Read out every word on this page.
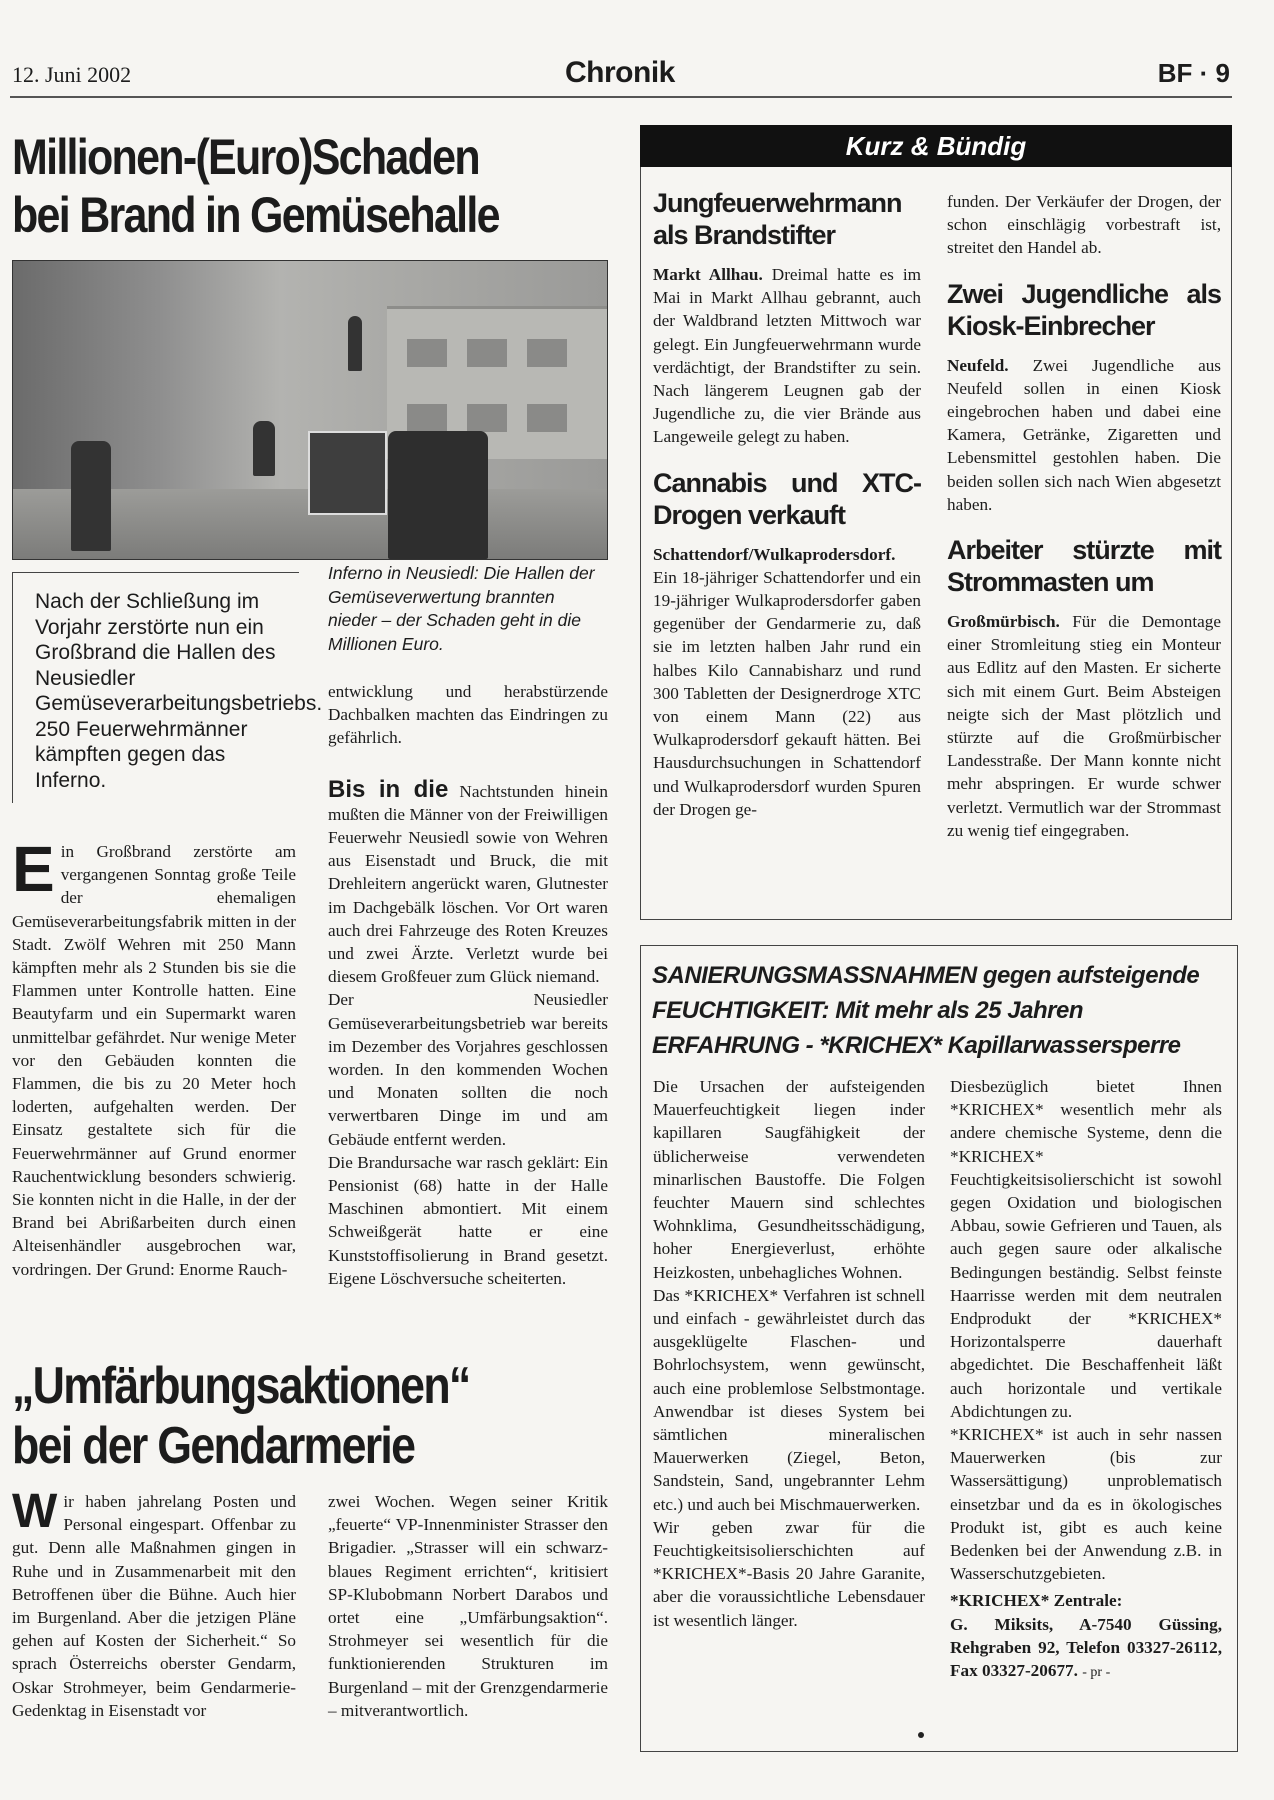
12. Juni 2002	Chronik	BF · 9
Millionen-(Euro)Schaden
bei Brand in Gemüsehalle
Inferno in Neusiedl: Die Hallen der Gemüseverwertung brannten nieder – der Schaden geht in die Millionen Euro.
Nach der Schließung im Vorjahr zerstörte nun ein Großbrand die Hallen des Neusiedler Gemüseverarbeitungsbetriebs. 250 Feuerwehrmänner kämpften gegen das Inferno.

Ein Großbrand zerstörte am vergangenen Sonntag große Teile der ehemaligen Gemüseverarbeitungsfabrik mitten in der Stadt. Zwölf Wehren mit 250 Mann kämpften mehr als 2 Stunden bis sie die Flammen unter Kontrolle hatten. Eine Beautyfarm und ein Supermarkt waren unmittelbar gefährdet. Nur wenige Meter vor den Gebäuden konnten die Flammen, die bis zu 20 Meter hoch loderten, aufgehalten werden. Der Einsatz gestaltete sich für die Feuerwehrmänner auf Grund enormer Rauchentwicklung besonders schwierig. Sie konnten nicht in die Halle, in der der Brand bei Abrißarbeiten durch einen Alteisenhändler ausgebrochen war, vordringen. Der Grund: Enorme Rauch-

entwicklung und herabstürzende Dachbalken machten das Eindringen zu gefährlich.

Bis in die Nachtstunden hinein mußten die Männer von der Freiwilligen Feuerwehr Neusiedl sowie von Wehren aus Eisenstadt und Bruck, die mit Drehleitern angerückt waren, Glutnester im Dachgebälk löschen. Vor Ort waren auch drei Fahrzeuge des Roten Kreuzes und zwei Ärzte. Verletzt wurde bei diesem Großfeuer zum Glück niemand.

Der Neusiedler Gemüseverarbeitungsbetrieb war bereits im Dezember des Vorjahres geschlossen worden. In den kommenden Wochen und Monaten sollten die noch verwertbaren Dinge im und am Gebäude entfernt werden.

Die Brandursache war rasch geklärt: Ein Pensionist (68) hatte in der Halle Maschinen abmontiert. Mit einem Schweißgerät hatte er eine Kunststoffisolierung in Brand gesetzt. Eigene Löschversuche scheiterten.

„Umfärbungsaktionen“
bei der Gendarmerie

Wir haben jahrelang Posten und Personal eingespart. Offenbar zu gut. Denn alle Maßnahmen gingen in Ruhe und in Zusammenarbeit mit den Betroffenen über die Bühne. Auch hier im Burgenland. Aber die jetzigen Pläne gehen auf Kosten der Sicherheit.“ So sprach Österreichs oberster Gendarm, Oskar Strohmeyer, beim Gendarmerie-Gedenktag in Eisenstadt vor

zwei Wochen. Wegen seiner Kritik „feuerte“ VP-Innenminister Strasser den Brigadier. „Strasser will ein schwarz-blaues Regiment errichten“, kritisiert SP-Klubobmann Norbert Darabos und ortet eine „Umfärbungsaktion“. Strohmeyer sei wesentlich für die funktionierenden Strukturen im Burgenland – mit der Grenzgendarmerie – mitverantwortlich.

Kurz & Bündig
Jungfeuerwehrmann als Brandstifter

Markt Allhau. Dreimal hatte es im Mai in Markt Allhau gebrannt, auch der Waldbrand letzten Mittwoch war gelegt. Ein Jungfeuerwehrmann wurde verdächtigt, der Brandstifter zu sein. Nach längerem Leugnen gab der Jugendliche zu, die vier Brände aus Langeweile gelegt zu haben.

Cannabis und XTC-Drogen verkauft

Schattendorf/Wulkaprodersdorf. Ein 18-jähriger Schattendorfer und ein 19-jähriger Wulkaprodersdorfer gaben gegenüber der Gendarmerie zu, daß sie im letzten halben Jahr rund ein halbes Kilo Cannabisharz und rund 300 Tabletten der Designerdroge XTC von einem Mann (22) aus Wulkaprodersdorf gekauft hätten. Bei Hausdurchsuchungen in Schattendorf und Wulkaprodersdorf wurden Spuren der Drogen ge-

funden. Der Verkäufer der Drogen, der schon einschlägig vorbestraft ist, streitet den Handel ab.

Zwei Jugendliche als Kiosk-Einbrecher

Neufeld. Zwei Jugendliche aus Neufeld sollen in einen Kiosk eingebrochen haben und dabei eine Kamera, Getränke, Zigaretten und Lebensmittel gestohlen haben. Die beiden sollen sich nach Wien abgesetzt haben.

Arbeiter stürzte mit Strommasten um

Großmürbisch. Für die Demontage einer Stromleitung stieg ein Monteur aus Edlitz auf den Masten. Er sicherte sich mit einem Gurt. Beim Absteigen neigte sich der Mast plötzlich und stürzte auf die Großmürbischer Landesstraße. Der Mann konnte nicht mehr abspringen. Er wurde schwer verletzt. Vermutlich war der Strommast zu wenig tief eingegraben.

SANIERUNGSMASSNAHMEN gegen aufsteigende
FEUCHTIGKEIT: Mit mehr als 25 Jahren
ERFAHRUNG - *KRICHEX* Kapillarwassersperre

Die Ursachen der aufsteigenden Mauerfeuchtigkeit liegen inder kapillaren Saugfähigkeit der üblicherweise verwendeten minarlischen Baustoffe. Die Folgen feuchter Mauern sind schlechtes Wohnklima, Gesundheitsschädigung, hoher Energieverlust, erhöhte Heizkosten, unbehagliches Wohnen.

Das *KRICHEX* Verfahren ist schnell und einfach - gewährleistet durch das ausgeklügelte Flaschen- und Bohrlochsystem, wenn gewünscht, auch eine problemlose Selbstmontage. Anwendbar ist dieses System bei sämtlichen mineralischen Mauerwerken (Ziegel, Beton, Sandstein, Sand, ungebrannter Lehm etc.) und auch bei Mischmauerwerken.

Wir geben zwar für die Feuchtigkeitsisolierschichten auf *KRICHEX*-Basis 20 Jahre Garanite, aber die voraussichtliche Lebensdauer ist wesentlich länger.

Diesbezüglich bietet Ihnen *KRICHEX* wesentlich mehr als andere chemische Systeme, denn die *KRICHEX* Feuchtigkeitsisolierschicht ist sowohl gegen Oxidation und biologischen Abbau, sowie Gefrieren und Tauen, als auch gegen saure oder alkalische Bedingungen beständig. Selbst feinste Haarrisse werden mit dem neutralen Endprodukt der *KRICHEX* Horizontalsperre dauerhaft abgedichtet. Die Beschaffenheit läßt auch horizontale und vertikale Abdichtungen zu.

*KRICHEX* ist auch in sehr nassen Mauerwerken (bis zur Wassersättigung) unproblematisch einsetzbar und da es in ökologisches Produkt ist, gibt es auch keine Bedenken bei der Anwendung z.B. in Wasserschutzgebieten.

*KRICHEX* Zentrale:

G. Miksits, A-7540 Güssing, Rehgraben 92, Telefon 03327-26112, Fax 03327-20677. - pr -
